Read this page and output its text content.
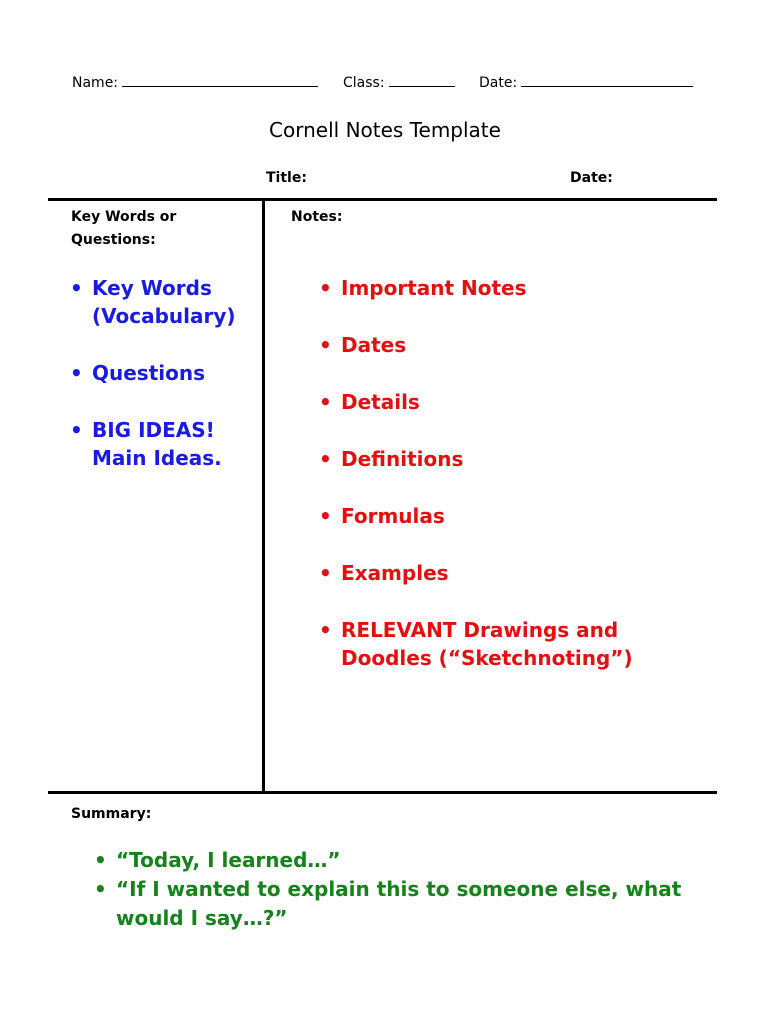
Name:	Class:	Date:
Cornell Notes Template
Title:	Date:
Key Words or Questions:
• Key Words (Vocabulary)
• Questions
• BIG IDEAS! Main Ideas.
Notes:
• Important Notes
• Dates
• Details
• Definitions
• Formulas
• Examples
• RELEVANT Drawings and Doodles (“Sketchnoting”)
Summary:
• “Today, I learned…”
• “If I wanted to explain this to someone else, what would I say…?”
